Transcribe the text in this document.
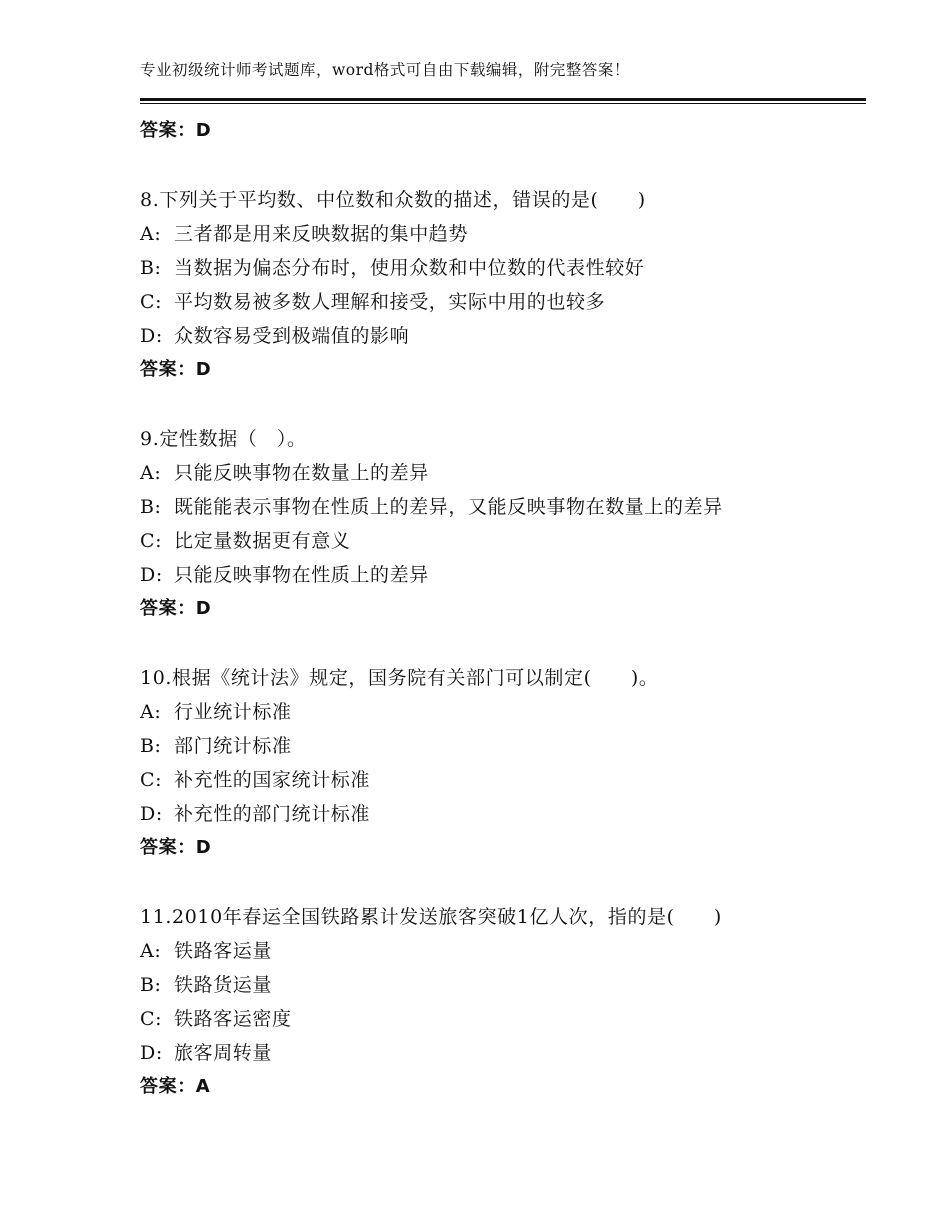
专业初级统计师考试题库，word格式可自由下载编辑，附完整答案！
答案：D
8.下列关于平均数、中位数和众数的描述，错误的是(　　)
A: 三者都是用来反映数据的集中趋势
B: 当数据为偏态分布时，使用众数和中位数的代表性较好
C: 平均数易被多数人理解和接受，实际中用的也较多
D: 众数容易受到极端值的影响
答案：D
9.定性数据（　）。
A: 只能反映事物在数量上的差异
B: 既能能表示事物在性质上的差异，又能反映事物在数量上的差异
C: 比定量数据更有意义
D: 只能反映事物在性质上的差异
答案：D
10.根据《统计法》规定，国务院有关部门可以制定(　　)。
A: 行业统计标准
B: 部门统计标准
C: 补充性的国家统计标准
D: 补充性的部门统计标准
答案：D
11.2010年春运全国铁路累计发送旅客突破1亿人次，指的是(　　)
A: 铁路客运量
B: 铁路货运量
C: 铁路客运密度
D: 旅客周转量
答案：A
